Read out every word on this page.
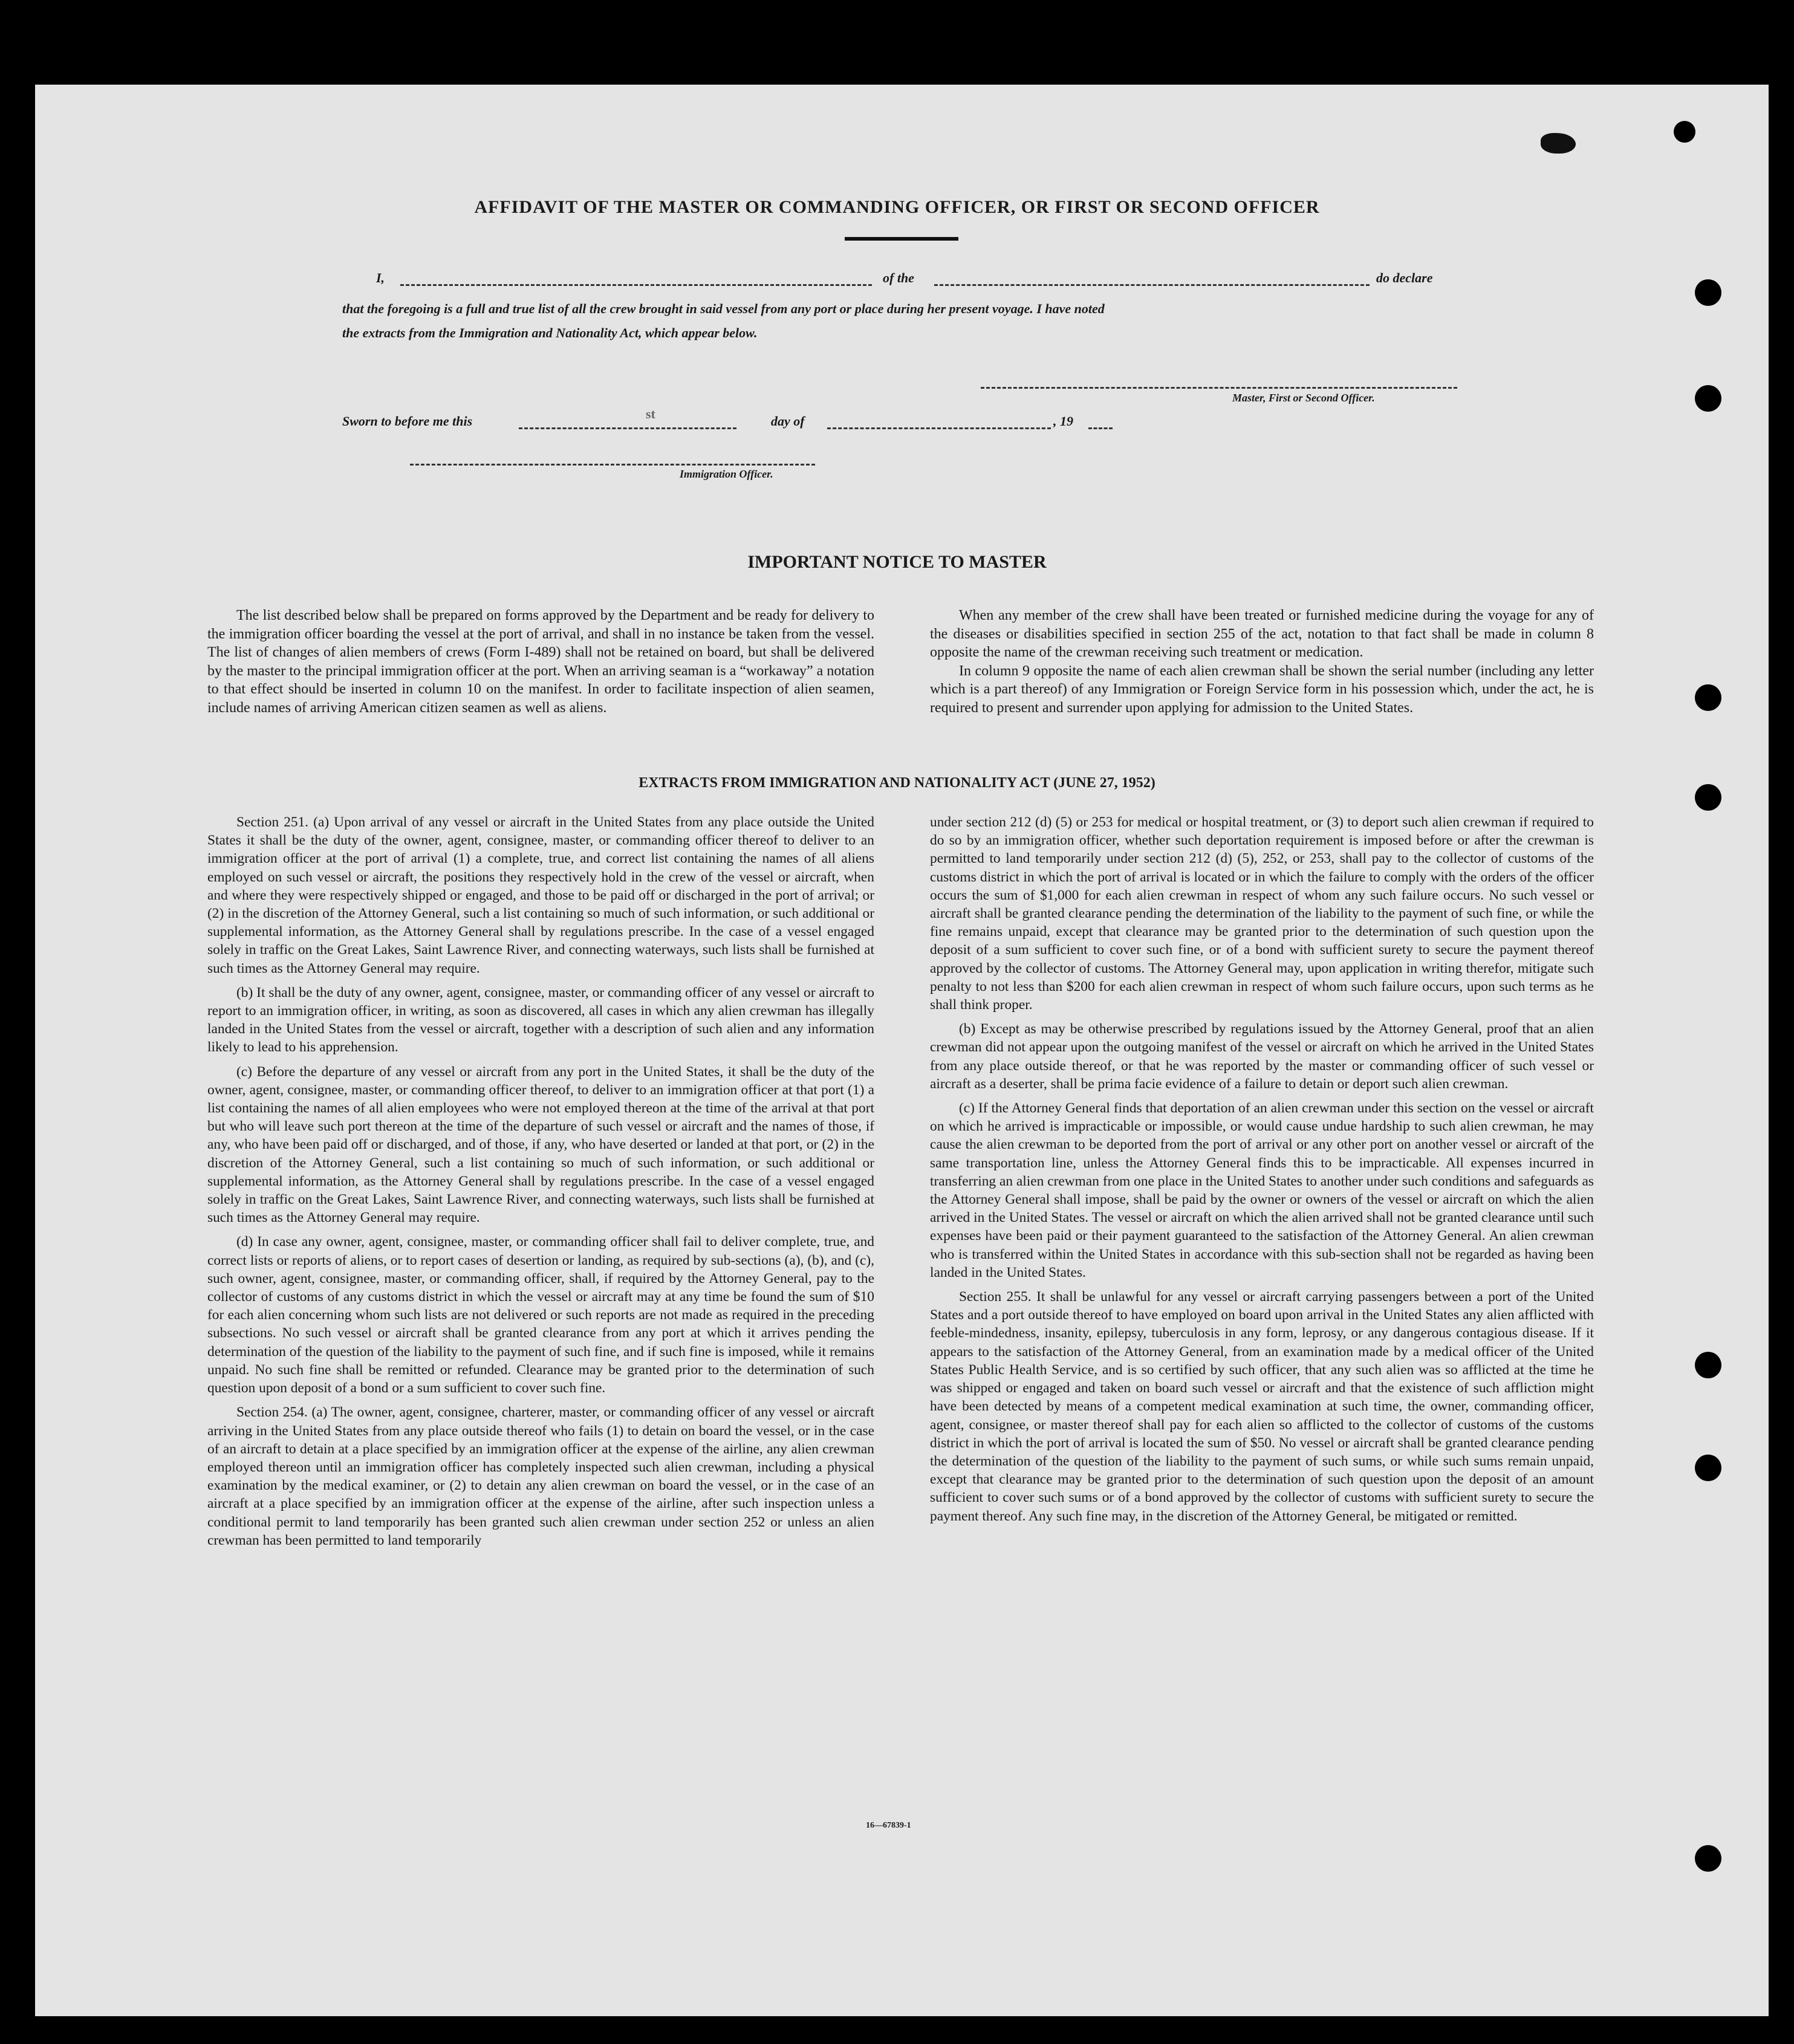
AFFIDAVIT OF THE MASTER OR COMMANDING OFFICER, OR FIRST OR SECOND OFFICER
I,	of the	do declare
that the foregoing is a full and true list of all the crew brought in said vessel from any port or place during her present voyage. I have noted
the extracts from the Immigration and Nationality Act, which appear below.
Master, First or Second Officer.
Sworn to before me this	st	day of	, 19
Immigration Officer.
IMPORTANT NOTICE TO MASTER

The list described below shall be prepared on forms approved by the Department and be ready for delivery to the immigration officer boarding the vessel at the port of arrival, and shall in no instance be taken from the vessel. The list of changes of alien members of crews (Form I-489) shall not be retained on board, but shall be delivered by the master to the principal immigration officer at the port. When an arriving seaman is a “workaway” a notation to that effect should be inserted in column 10 on the manifest. In order to facilitate inspection of alien seamen, include names of arriving American citizen seamen as well as aliens.

When any member of the crew shall have been treated or furnished medicine during the voyage for any of the diseases or disabilities specified in section 255 of the act, notation to that fact shall be made in column 8 opposite the name of the crewman receiving such treatment or medication.

In column 9 opposite the name of each alien crewman shall be shown the serial number (including any letter which is a part thereof) of any Immigration or Foreign Service form in his possession which, under the act, he is required to present and surrender upon applying for admission to the United States.

EXTRACTS FROM IMMIGRATION AND NATIONALITY ACT (JUNE 27, 1952)

Section 251. (a) Upon arrival of any vessel or aircraft in the United States from any place outside the United States it shall be the duty of the owner, agent, consignee, master, or commanding officer thereof to deliver to an immigration officer at the port of arrival (1) a complete, true, and correct list containing the names of all aliens employed on such vessel or aircraft, the positions they respectively hold in the crew of the vessel or aircraft, when and where they were respectively shipped or engaged, and those to be paid off or discharged in the port of arrival; or (2) in the discretion of the Attorney General, such a list containing so much of such information, or such additional or supplemental information, as the Attorney General shall by regulations prescribe. In the case of a vessel engaged solely in traffic on the Great Lakes, Saint Lawrence River, and connecting waterways, such lists shall be furnished at such times as the Attorney General may require.

(b) It shall be the duty of any owner, agent, consignee, master, or commanding officer of any vessel or aircraft to report to an immigration officer, in writing, as soon as discovered, all cases in which any alien crewman has illegally landed in the United States from the vessel or aircraft, together with a description of such alien and any information likely to lead to his apprehension.

(c) Before the departure of any vessel or aircraft from any port in the United States, it shall be the duty of the owner, agent, consignee, master, or commanding officer thereof, to deliver to an immigration officer at that port (1) a list containing the names of all alien employees who were not employed thereon at the time of the arrival at that port but who will leave such port thereon at the time of the departure of such vessel or aircraft and the names of those, if any, who have been paid off or discharged, and of those, if any, who have deserted or landed at that port, or (2) in the discretion of the Attorney General, such a list containing so much of such information, or such additional or supplemental information, as the Attorney General shall by regulations prescribe. In the case of a vessel engaged solely in traffic on the Great Lakes, Saint Lawrence River, and connecting waterways, such lists shall be furnished at such times as the Attorney General may require.

(d) In case any owner, agent, consignee, master, or commanding officer shall fail to deliver complete, true, and correct lists or reports of aliens, or to report cases of desertion or landing, as required by sub-sections (a), (b), and (c), such owner, agent, consignee, master, or commanding officer, shall, if required by the Attorney General, pay to the collector of customs of any customs district in which the vessel or aircraft may at any time be found the sum of $10 for each alien concerning whom such lists are not delivered or such reports are not made as required in the preceding subsections. No such vessel or aircraft shall be granted clearance from any port at which it arrives pending the determination of the question of the liability to the payment of such fine, and if such fine is imposed, while it remains unpaid. No such fine shall be remitted or refunded. Clearance may be granted prior to the determination of such question upon deposit of a bond or a sum sufficient to cover such fine.

Section 254. (a) The owner, agent, consignee, charterer, master, or commanding officer of any vessel or aircraft arriving in the United States from any place outside thereof who fails (1) to detain on board the vessel, or in the case of an aircraft to detain at a place specified by an immigration officer at the expense of the airline, any alien crewman employed thereon until an immigration officer has completely inspected such alien crewman, including a physical examination by the medical examiner, or (2) to detain any alien crewman on board the vessel, or in the case of an aircraft at a place specified by an immigration officer at the expense of the airline, after such inspection unless a conditional permit to land temporarily has been granted such alien crewman under section 252 or unless an alien crewman has been permitted to land temporarily

under section 212 (d) (5) or 253 for medical or hospital treatment, or (3) to deport such alien crewman if required to do so by an immigration officer, whether such deportation requirement is imposed before or after the crewman is permitted to land temporarily under section 212 (d) (5), 252, or 253, shall pay to the collector of customs of the customs district in which the port of arrival is located or in which the failure to comply with the orders of the officer occurs the sum of $1,000 for each alien crewman in respect of whom any such failure occurs. No such vessel or aircraft shall be granted clearance pending the determination of the liability to the payment of such fine, or while the fine remains unpaid, except that clearance may be granted prior to the determination of such question upon the deposit of a sum sufficient to cover such fine, or of a bond with sufficient surety to secure the payment thereof approved by the collector of customs. The Attorney General may, upon application in writing therefor, mitigate such penalty to not less than $200 for each alien crewman in respect of whom such failure occurs, upon such terms as he shall think proper.

(b) Except as may be otherwise prescribed by regulations issued by the Attorney General, proof that an alien crewman did not appear upon the outgoing manifest of the vessel or aircraft on which he arrived in the United States from any place outside thereof, or that he was reported by the master or commanding officer of such vessel or aircraft as a deserter, shall be prima facie evidence of a failure to detain or deport such alien crewman.

(c) If the Attorney General finds that deportation of an alien crewman under this section on the vessel or aircraft on which he arrived is impracticable or impossible, or would cause undue hardship to such alien crewman, he may cause the alien crewman to be deported from the port of arrival or any other port on another vessel or aircraft of the same transportation line, unless the Attorney General finds this to be impracticable. All expenses incurred in transferring an alien crewman from one place in the United States to another under such conditions and safeguards as the Attorney General shall impose, shall be paid by the owner or owners of the vessel or aircraft on which the alien arrived in the United States. The vessel or aircraft on which the alien arrived shall not be granted clearance until such expenses have been paid or their payment guaranteed to the satisfaction of the Attorney General. An alien crewman who is transferred within the United States in accordance with this sub-section shall not be regarded as having been landed in the United States.

Section 255. It shall be unlawful for any vessel or aircraft carrying passengers between a port of the United States and a port outside thereof to have employed on board upon arrival in the United States any alien afflicted with feeble-mindedness, insanity, epilepsy, tuberculosis in any form, leprosy, or any dangerous contagious disease. If it appears to the satisfaction of the Attorney General, from an examination made by a medical officer of the United States Public Health Service, and is so certified by such officer, that any such alien was so afflicted at the time he was shipped or engaged and taken on board such vessel or aircraft and that the existence of such affliction might have been detected by means of a competent medical examination at such time, the owner, commanding officer, agent, consignee, or master thereof shall pay for each alien so afflicted to the collector of customs of the customs district in which the port of arrival is located the sum of $50. No vessel or aircraft shall be granted clearance pending the determination of the question of the liability to the payment of such sums, or while such sums remain unpaid, except that clearance may be granted prior to the determination of such question upon the deposit of an amount sufficient to cover such sums or of a bond approved by the collector of customs with sufficient surety to secure the payment thereof. Any such fine may, in the discretion of the Attorney General, be mitigated or remitted.

16—67839-1
